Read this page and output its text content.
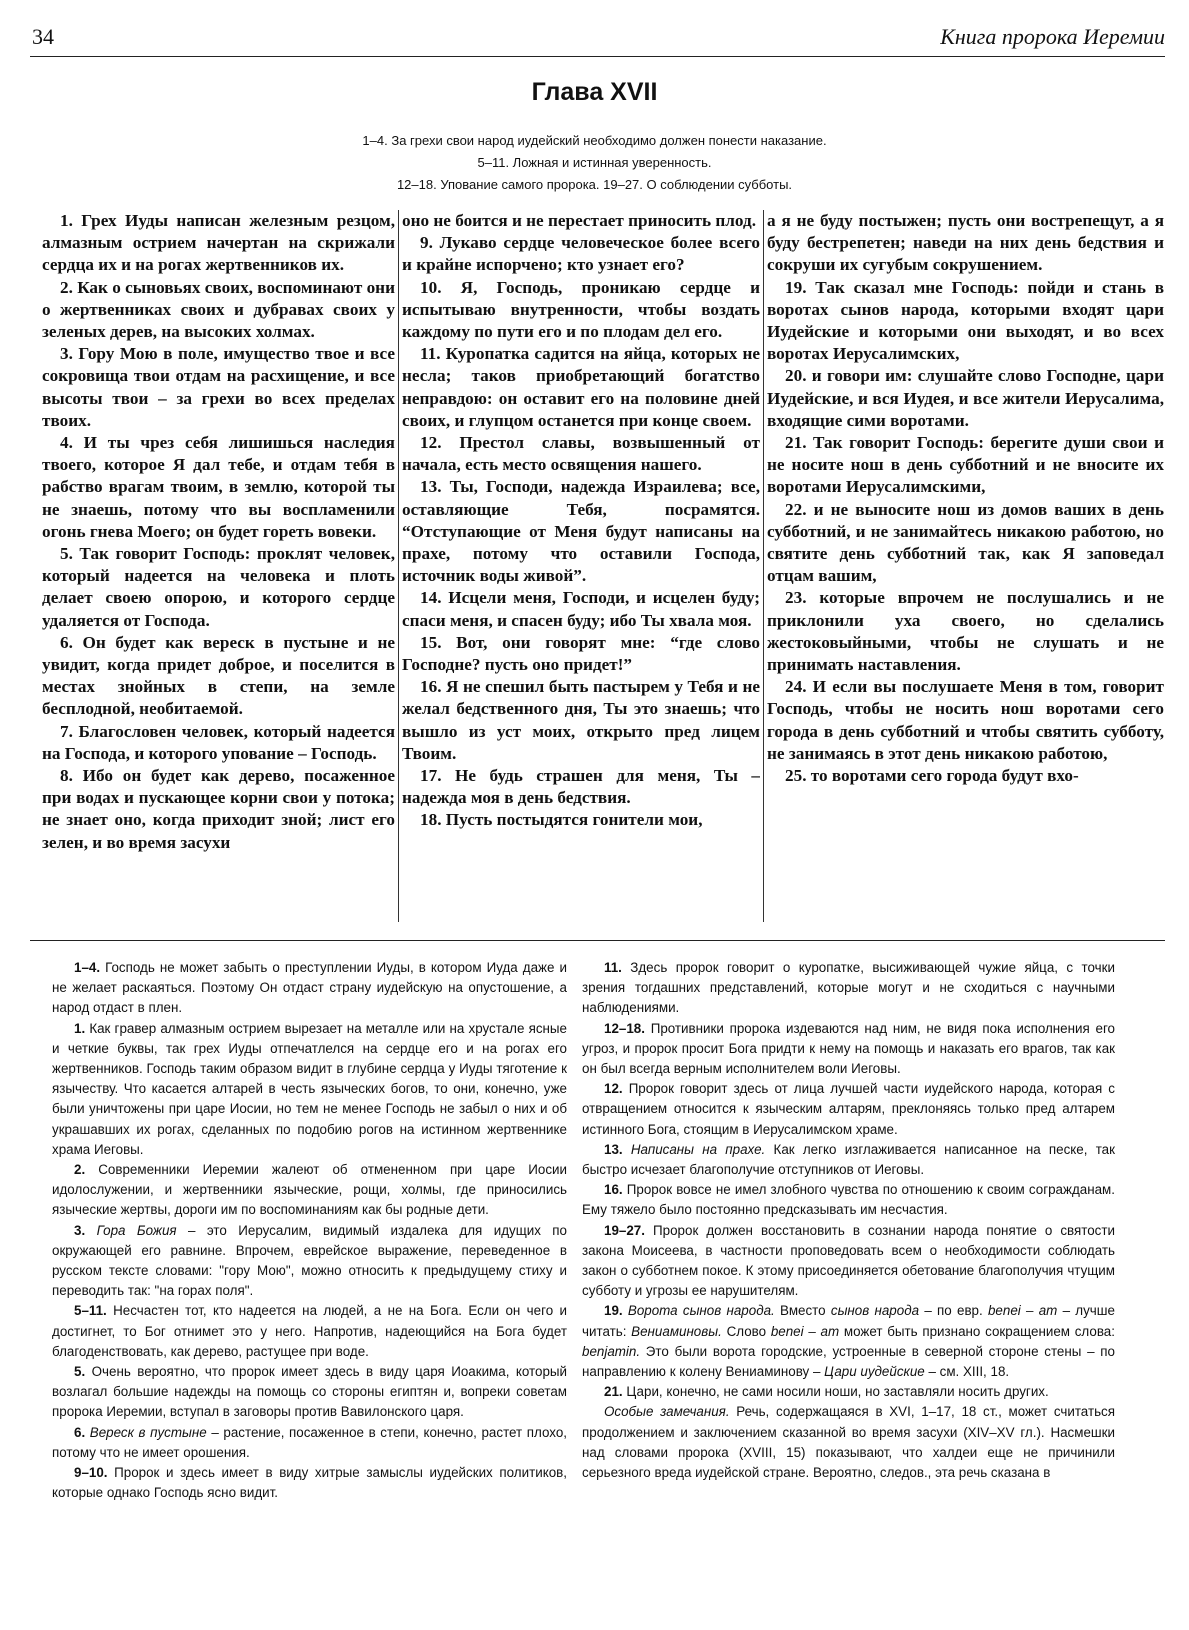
34	Книга пророка Иеремии
Глава XVII
1–4. За грехи свои народ иудейский необходимо должен понести наказание.
5–11. Ложная и истинная уверенность.
12–18. Упование самого пророка. 19–27. О соблюдении субботы.

1. Грех Иуды написан железным резцом, алмазным острием начертан на скрижали сердца их и на рогах жертвенников их.

2. Как о сыновьях своих, воспоминают они о жертвенниках своих и дубравах своих у зеленых дерев, на высоких холмах.

3. Гору Мою в поле, имущество твое и все сокровища твои отдам на расхищение, и все высоты твои – за грехи во всех пределах твоих.

4. И ты чрез себя лишишься наследия твоего, которое Я дал тебе, и отдам тебя в рабство врагам твоим, в землю, которой ты не знаешь, потому что вы воспламенили огонь гнева Моего; он будет гореть вовеки.

5. Так говорит Господь: проклят человек, который надеется на человека и плоть делает своею опорою, и которого сердце удаляется от Господа.

6. Он будет как вереск в пустыне и не увидит, когда придет доброе, и поселится в местах знойных в степи, на земле бесплодной, необитаемой.

7. Благословен человек, который надеется на Господа, и которого упование – Господь.

8. Ибо он будет как дерево, посаженное при водах и пускающее корни свои у потока; не знает оно, когда приходит зной; лист его зелен, и во время засухи

оно не боится и не перестает приносить плод.

9. Лукаво сердце человеческое более всего и крайне испорчено; кто узнает его?

10. Я, Господь, проникаю сердце и испытываю внутренности, чтобы воздать каждому по пути его и по плодам дел его.

11. Куропатка садится на яйца, которых не несла; таков приобретающий богатство неправдою: он оставит его на половине дней своих, и глупцом останется при конце своем.

12. Престол славы, возвышенный от начала, есть место освящения нашего.

13. Ты, Господи, надежда Израилева; все, оставляющие Тебя, посрамятся. “Отступающие от Меня будут написаны на прахе, потому что оставили Господа, источник воды живой”.

14. Исцели меня, Господи, и исцелен буду; спаси меня, и спасен буду; ибо Ты хвала моя.

15. Вот, они говорят мне: “где слово Господне? пусть оно придет!”

16. Я не спешил быть пастырем у Тебя и не желал бедственного дня, Ты это знаешь; что вышло из уст моих, открыто пред лицем Твоим.

17. Не будь страшен для меня, Ты – надежда моя в день бедствия.

18. Пусть постыдятся гонители мои,

а я не буду постыжен; пусть они вострепещут, а я буду бестрепетен; наведи на них день бедствия и сокруши их сугубым сокрушением.

19. Так сказал мне Господь: пойди и стань в воротах сынов народа, которыми входят цари Иудейские и которыми они выходят, и во всех воротах Иерусалимских,

20. и говори им: слушайте слово Господне, цари Иудейские, и вся Иудея, и все жители Иерусалима, входящие сими воротами.

21. Так говорит Господь: берегите души свои и не носите нош в день субботний и не вносите их воротами Иерусалимскими,

22. и не выносите нош из домов ваших в день субботний, и не занимайтесь никакою работою, но святите день субботний так, как Я заповедал отцам вашим,

23. которые впрочем не послушались и не приклонили уха своего, но сделались жестоковыйными, чтобы не слушать и не принимать наставления.

24. И если вы послушаете Меня в том, говорит Господь, чтобы не носить нош воротами сего города в день субботний и чтобы святить субботу, не занимаясь в этот день никакою работою,

25. то воротами сего города будут вхо-

1–4. Господь не может забыть о преступлении Иуды, в котором Иуда даже и не желает раскаяться. Поэтому Он отдаст страну иудейскую на опустошение, а народ отдаст в плен.

1. Как гравер алмазным острием вырезает на металле или на хрустале ясные и четкие буквы, так грех Иуды отпечатлелся на сердце его и на рогах его жертвенников. Господь таким образом видит в глубине сердца у Иуды тяготение к язычеству. Что касается алтарей в честь языческих богов, то они, конечно, уже были уничтожены при царе Иосии, но тем не менее Господь не забыл о них и об украшавших их рогах, сделанных по подобию рогов на истинном жертвеннике храма Иеговы.

2. Современники Иеремии жалеют об отмененном при царе Иосии идолослужении, и жертвенники языческие, рощи, холмы, где приносились языческие жертвы, дороги им по воспоминаниям как бы родные дети.

3. Гора Божия – это Иерусалим, видимый издалека для идущих по окружающей его равнине. Впрочем, еврейское выражение, переведенное в русском тексте словами: "гору Мою", можно относить к предыдущему стиху и переводить так: "на горах поля".

5–11. Несчастен тот, кто надеется на людей, а не на Бога. Если он чего и достигнет, то Бог отнимет это у него. Напротив, надеющийся на Бога будет благоденствовать, как дерево, растущее при воде.

5. Очень вероятно, что пророк имеет здесь в виду царя Иоакима, который возлагал большие надежды на помощь со стороны египтян и, вопреки советам пророка Иеремии, вступал в заговоры против Вавилонского царя.

6. Вереск в пустыне – растение, посаженное в степи, конечно, растет плохо, потому что не имеет орошения.

9–10. Пророк и здесь имеет в виду хитрые замыслы иудейских политиков, которые однако Господь ясно видит.

11. Здесь пророк говорит о куропатке, высиживающей чужие яйца, с точки зрения тогдашних представлений, которые могут и не сходиться с научными наблюдениями.

12–18. Противники пророка издеваются над ним, не видя пока исполнения его угроз, и пророк просит Бога придти к нему на помощь и наказать его врагов, так как он был всегда верным исполнителем воли Иеговы.

12. Пророк говорит здесь от лица лучшей части иудейского народа, которая с отвращением относится к языческим алтарям, преклоняясь только пред алтарем истинного Бога, стоящим в Иерусалимском храме.

13. Написаны на прахе. Как легко изглаживается написанное на песке, так быстро исчезает благополучие отступников от Иеговы.

16. Пророк вовсе не имел злобного чувства по отношению к своим согражданам. Ему тяжело было постоянно предсказывать им несчастия.

19–27. Пророк должен восстановить в сознании народа понятие о святости закона Моисеева, в частности проповедовать всем о необходимости соблюдать закон о субботнем покое. К этому присоединяется обетование благополучия чтущим субботу и угрозы ее нарушителям.

19. Ворота сынов народа. Вместо сынов народа – по евр. benei – am – лучше читать: Вениаминовы. Слово benei – am может быть признано сокращением слова: benjamin. Это были ворота городские, устроенные в северной стороне стены – по направлению к колену Вениаминову – Цари иудейские – см. XIII, 18.

21. Цари, конечно, не сами носили ноши, но заставляли носить других.

Особые замечания. Речь, содержащаяся в XVI, 1–17, 18 ст., может считаться продолжением и заключением сказанной во время засухи (XIV–XV гл.). Насмешки над словами пророка (XVIII, 15) показывают, что халдеи еще не причинили серьезного вреда иудейской стране. Вероятно, следов., эта речь сказана в
